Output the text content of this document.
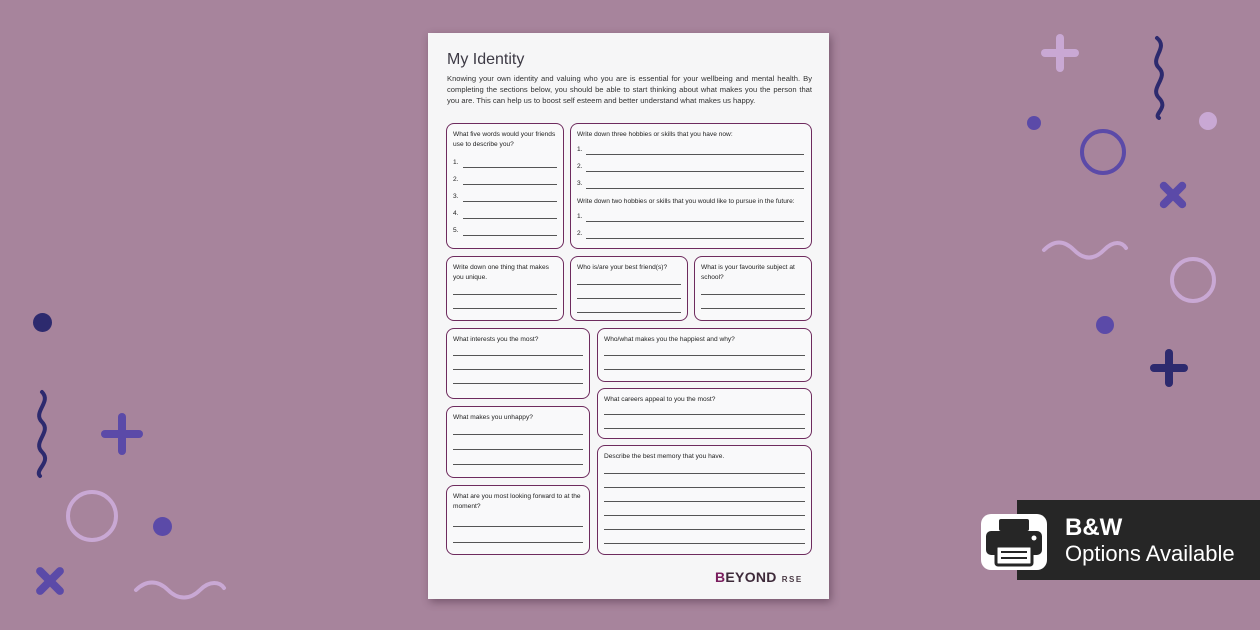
My Identity
Knowing your own identity and valuing who you are is essential for your wellbeing and mental health. By completing the sections below, you should be able to start thinking about what makes you the person that you are. This can help us to boost self esteem and better understand what makes us happy.
What five words would your friends use to describe you?
1.
2.
3.
4.
5.
Write down three hobbies or skills that you have now:
1.
2.
3.
Write down two hobbies or skills that you would like to pursue in the future:
1.
2.
Write down one thing that makes you unique.
Who is/are your best friend(s)?	What is your favourite subject at school?
What interests you the most?	Who/what makes you the happiest and why?
What careers appeal to you the most?
What makes you unhappy?
Describe the best memory that you have.
What are you most looking forward to at the moment?
BEYOND RSE
B&W
Options Available
